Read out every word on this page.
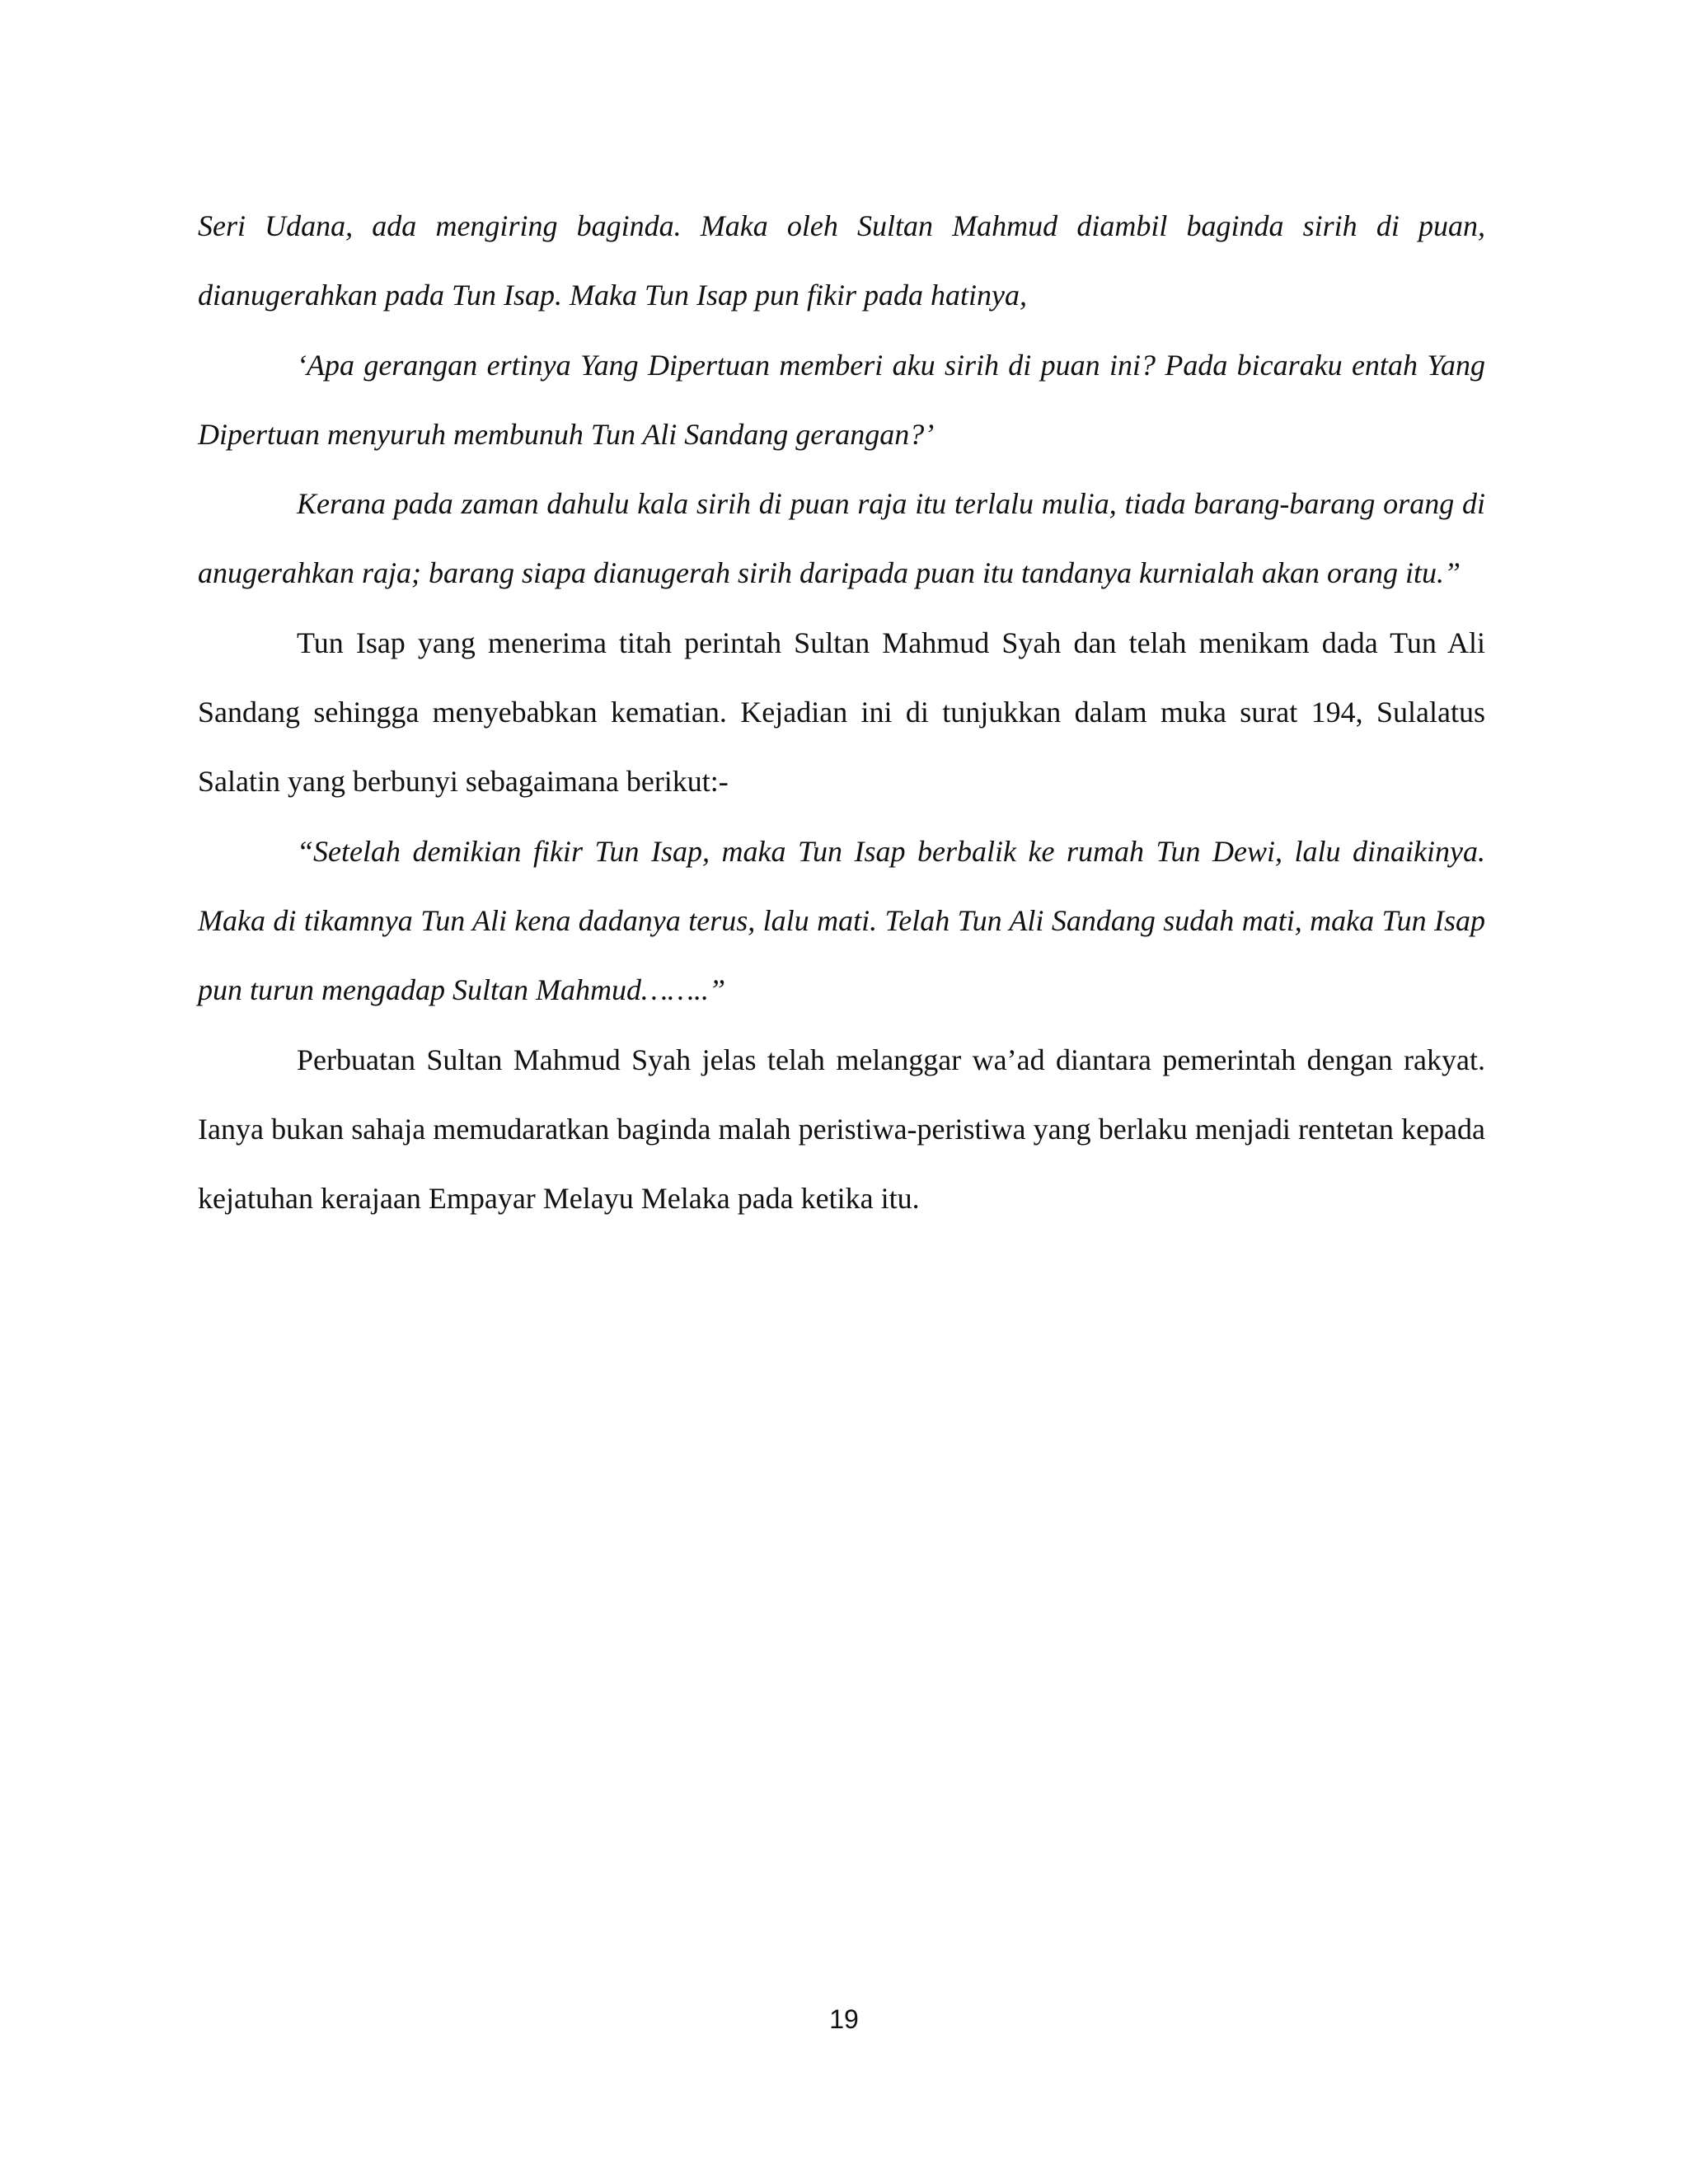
Seri Udana, ada mengiring baginda. Maka oleh Sultan Mahmud diambil baginda sirih di puan, dianugerahkan pada Tun Isap. Maka Tun Isap pun fikir pada hatinya,

‘Apa gerangan ertinya Yang Dipertuan memberi aku sirih di puan ini? Pada bicaraku entah Yang Dipertuan menyuruh membunuh Tun Ali Sandang gerangan?’

Kerana pada zaman dahulu kala sirih di puan raja itu terlalu mulia, tiada barang-barang orang di anugerahkan raja; barang siapa dianugerah sirih daripada puan itu tandanya kurnialah akan orang itu.”

Tun Isap yang menerima titah perintah Sultan Mahmud Syah dan telah menikam dada Tun Ali Sandang sehingga menyebabkan kematian. Kejadian ini di tunjukkan dalam muka surat 194, Sulalatus Salatin yang berbunyi sebagaimana berikut:-

“Setelah demikian fikir Tun Isap, maka Tun Isap berbalik ke rumah Tun Dewi, lalu dinaikinya. Maka di tikamnya Tun Ali kena dadanya terus, lalu mati. Telah Tun Ali Sandang sudah mati, maka Tun Isap pun turun mengadap Sultan Mahmud……..”

Perbuatan Sultan Mahmud Syah jelas telah melanggar wa’ad diantara pemerintah dengan rakyat. Ianya bukan sahaja memudaratkan baginda malah peristiwa-peristiwa yang berlaku menjadi rentetan kepada kejatuhan kerajaan Empayar Melayu Melaka pada ketika itu.

19
